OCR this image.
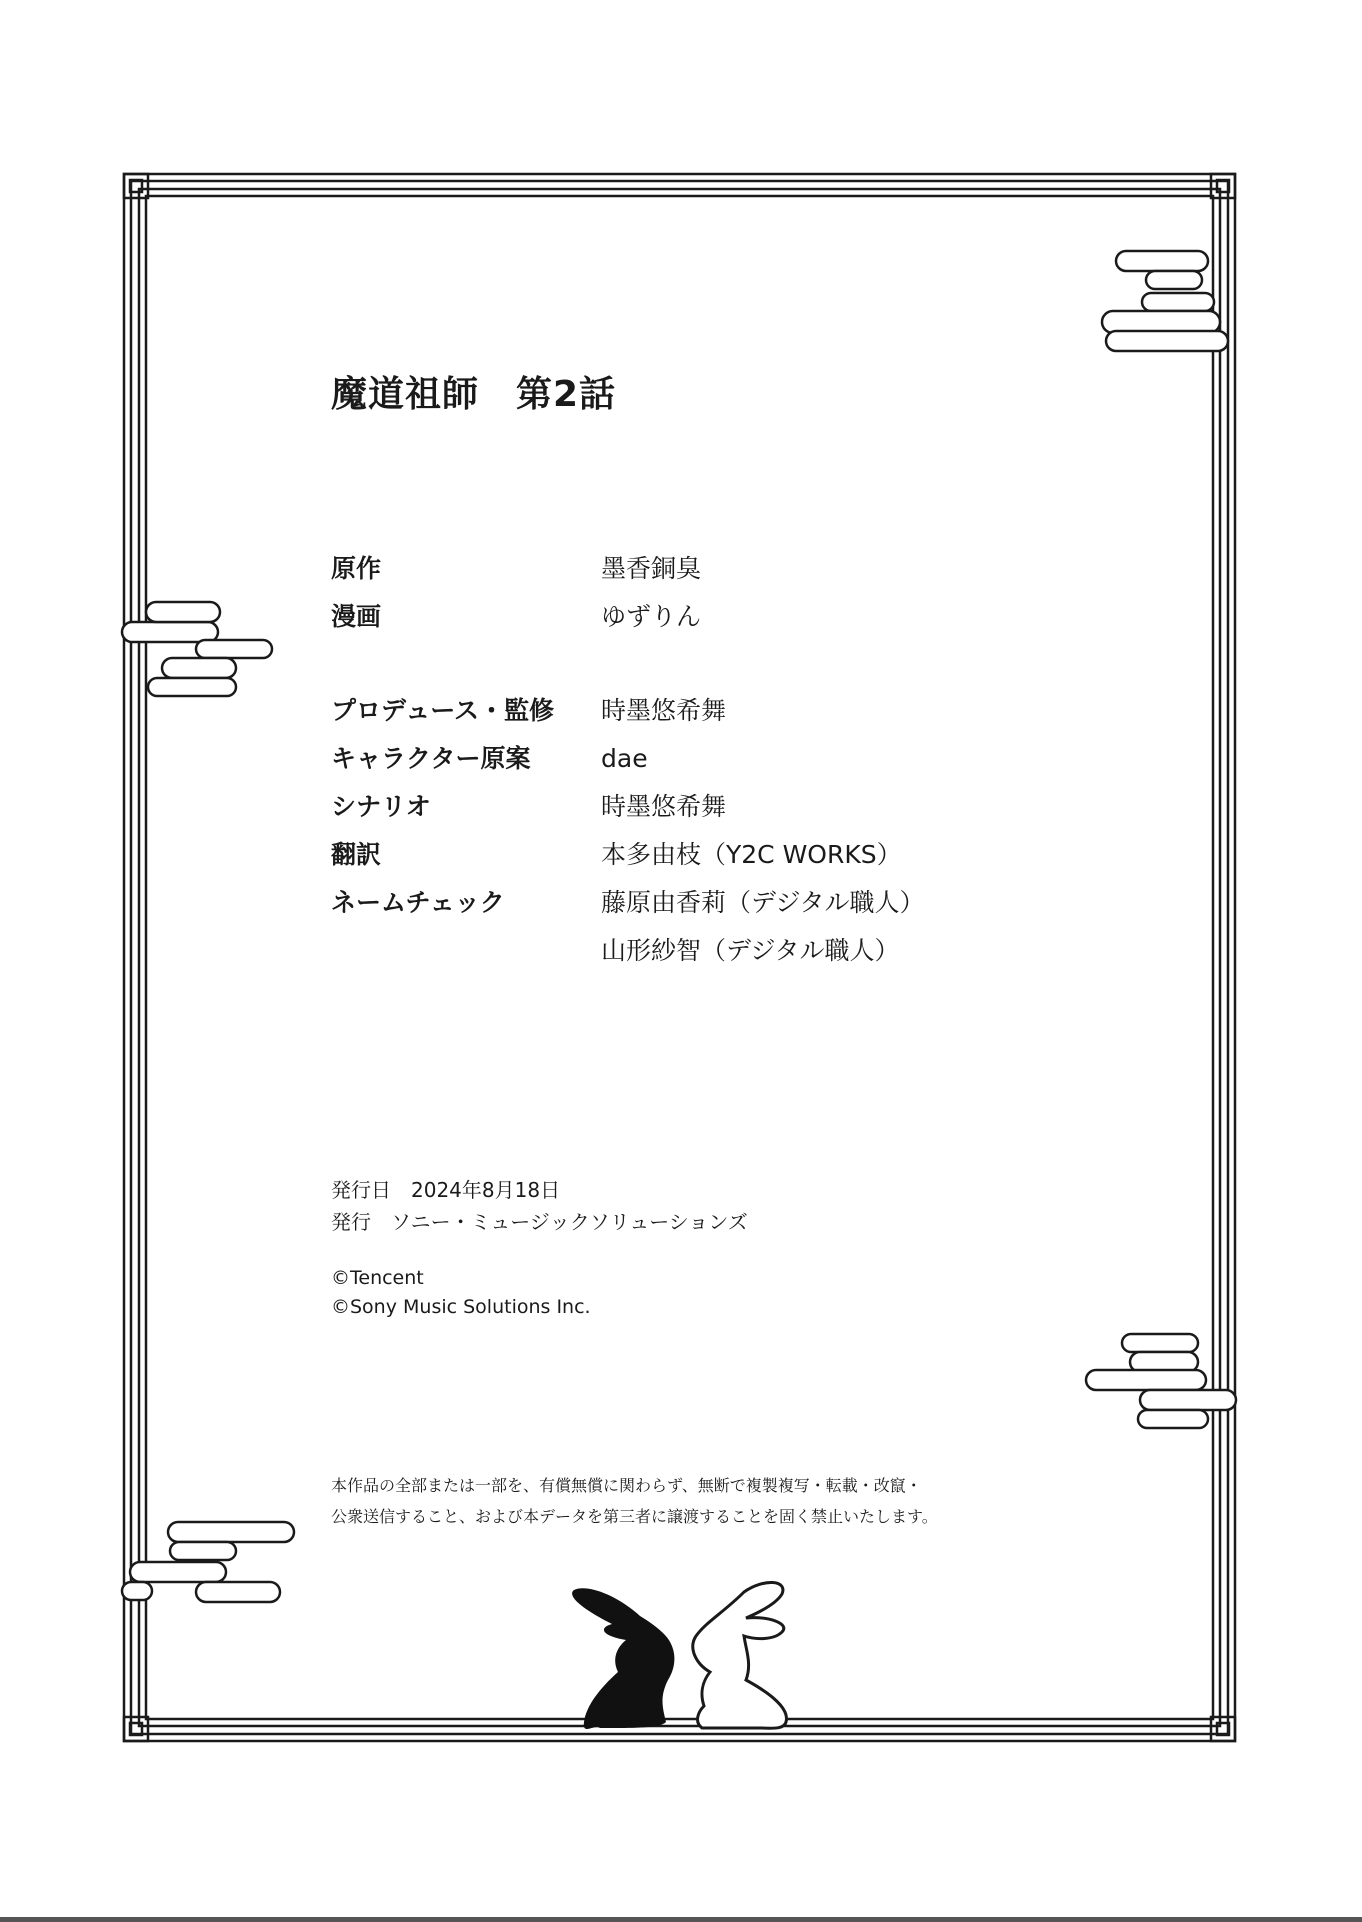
魔道祖師　第2話
原作	墨香銅臭
漫画	ゆずりん
プロデュース・監修 時墨悠希舞
キャラクター原案	dae
シナリオ	時墨悠希舞
翻訳	本多由枝（Y2C WORKS）
ネームチェック	藤原由香莉（デジタル職人）
山形紗智（デジタル職人）
発行日　2024年8月18日
発行　ソニー・ミュージックソリューションズ
©Tencent
©Sony Music Solutions Inc.
本作品の全部または一部を、有償無償に関わらず、無断で複製複写・転載・改竄・
公衆送信すること、および本データを第三者に譲渡することを固く禁止いたします。
